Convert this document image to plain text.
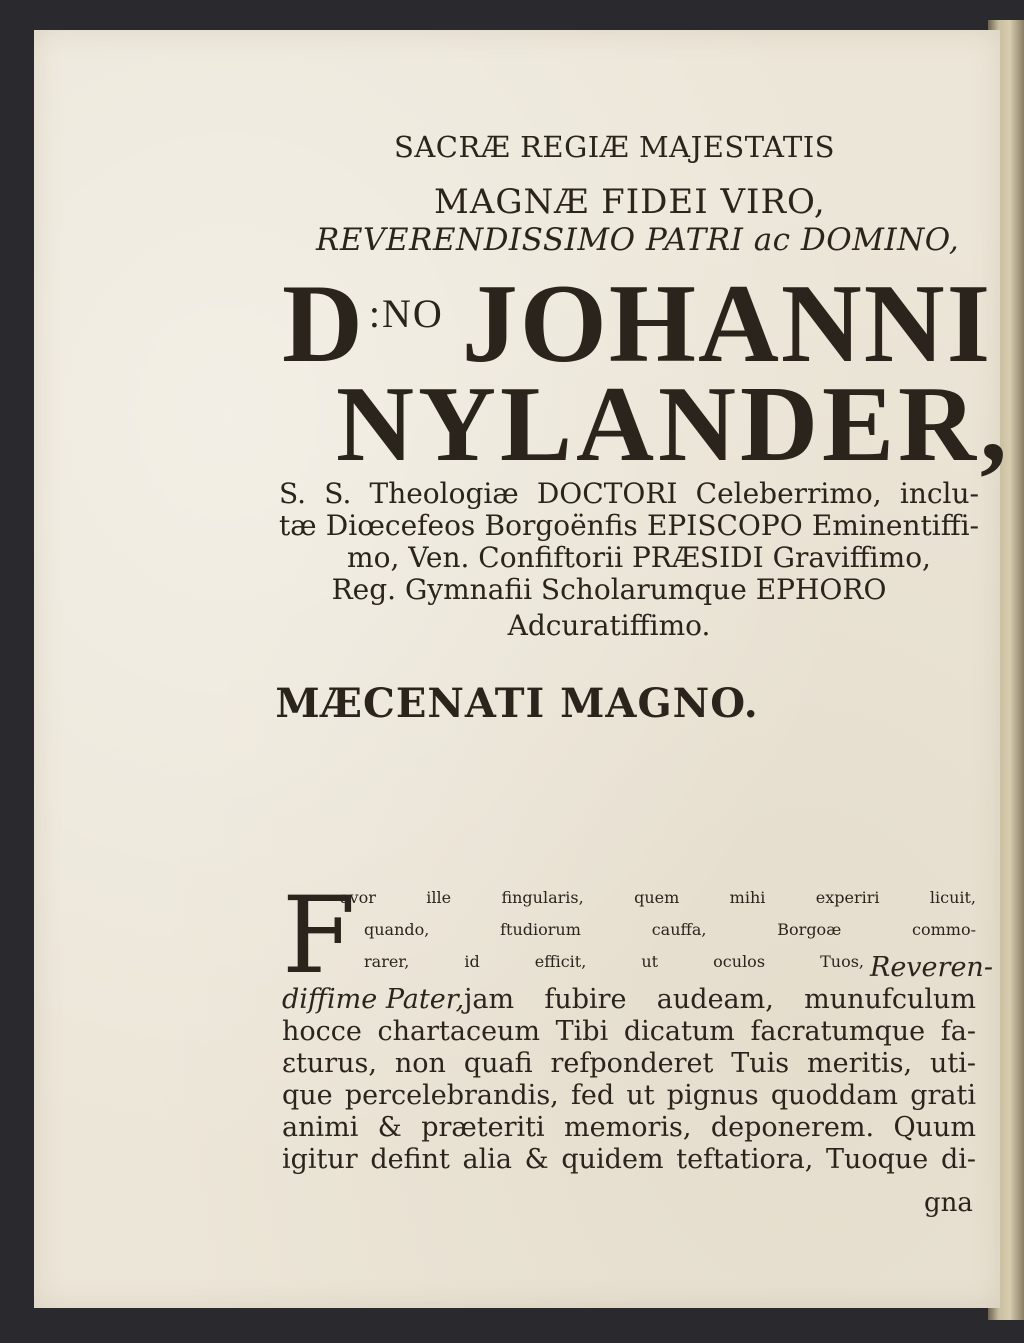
SACRÆ REGIÆ MAJESTATIS
MAGNÆ FIDEI VIRO,
REVERENDISSIMO PATRI ac DOMINO,
D :NO JOHANNI
NYLANDER,
S. S. Theologiæ DOCTORI Celeberrimo, inclu-
tæ Diœcefeos Borgoënfis EPISCOPO Eminentiffi-
mo, Ven. Confiftorii PRÆSIDI Graviffimo,
Reg. Gymnafii Scholarumque EPHORO
Adcuratiffimo.
MÆCENATI MAGNO.
F
avor ille fingularis, quem mihi experiri licuit,
quando, ftudiorum cauffa, Borgoæ commo-
rarer, id efficit, ut oculos Tuos, Reveren-
diffime Pater, jam fubire audeam, munufculum
hocce chartaceum Tibi dicatum facratumque fa-
ɛturus, non quafi refponderet Tuis meritis, uti-
que percelebrandis, fed ut pignus quoddam grati
animi & præteriti memoris, deponerem. Quum
igitur defint alia & quidem teftatiora, Tuoque di-
gna
